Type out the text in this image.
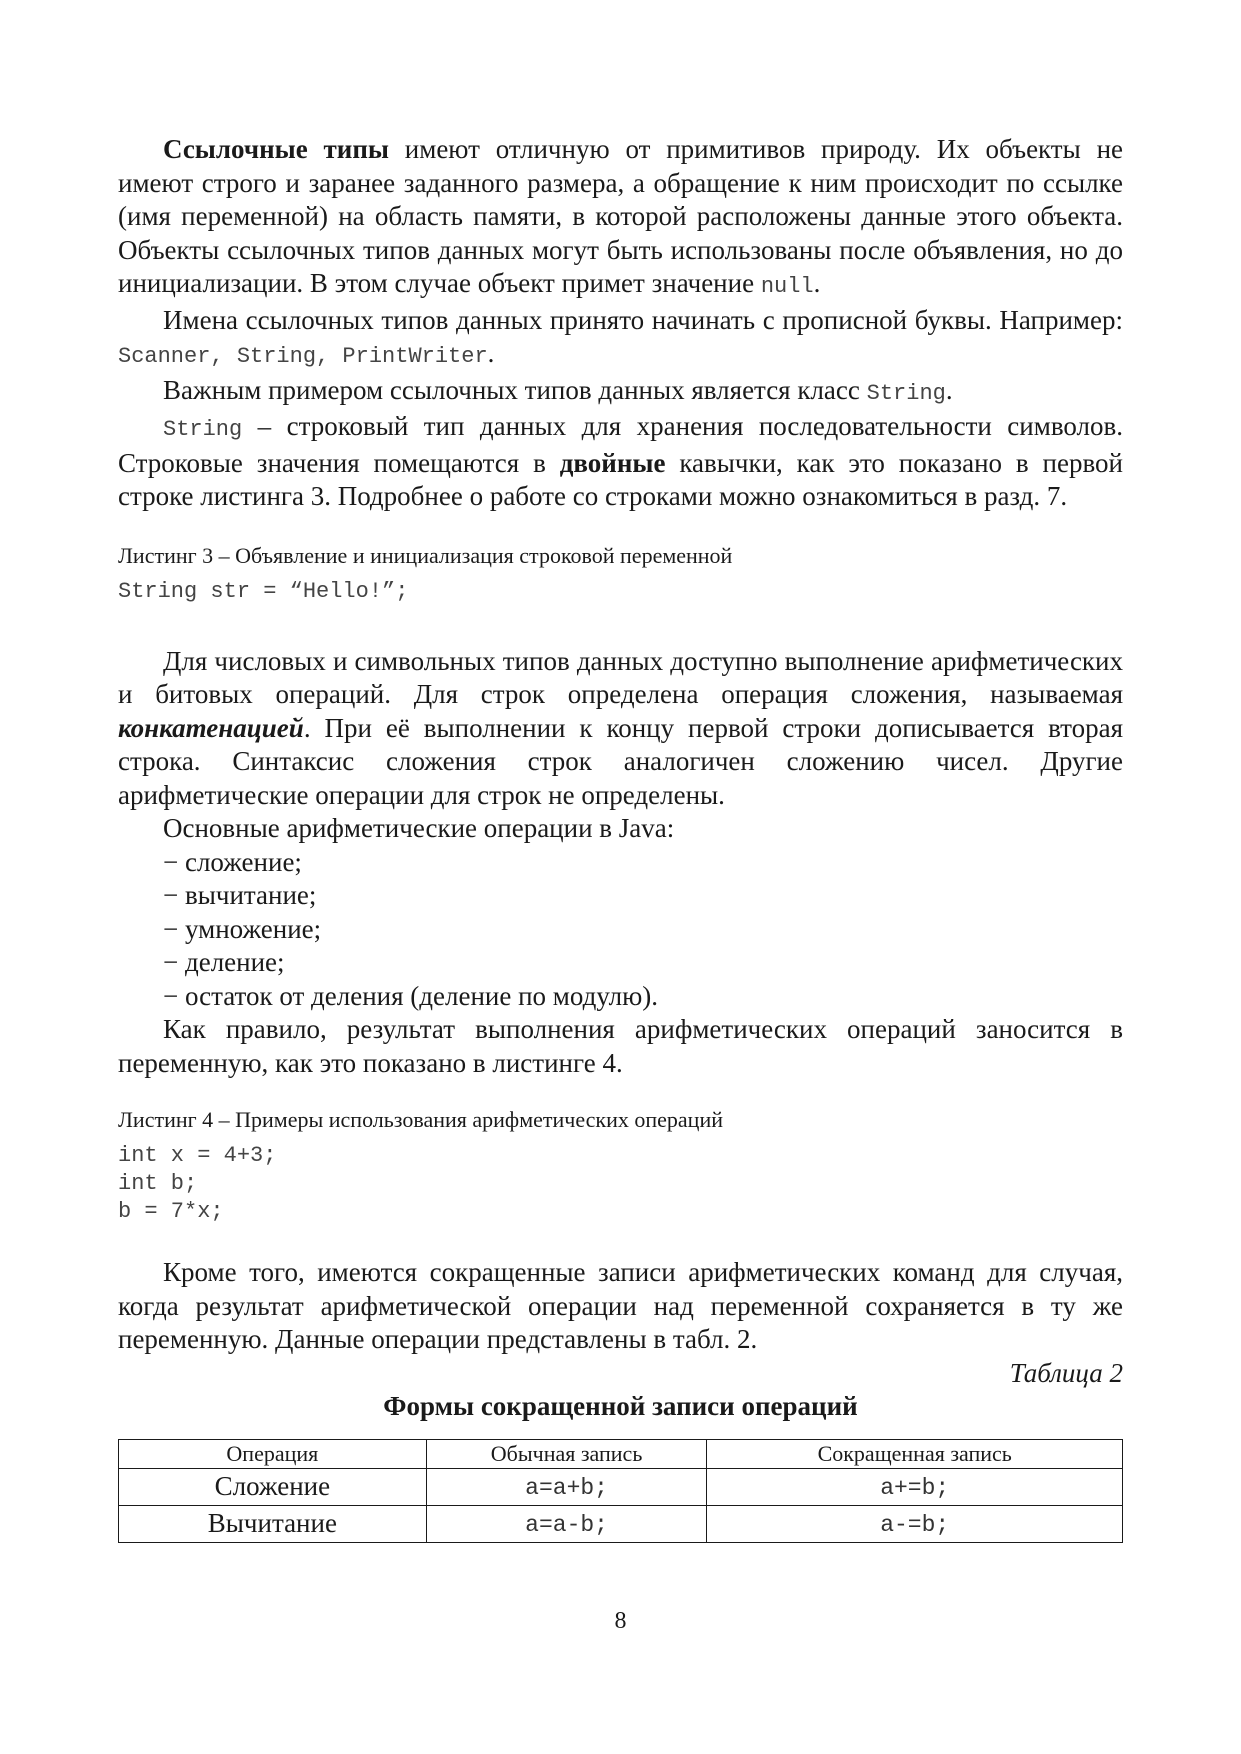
Ссылочные типы имеют отличную от примитивов природу. Их объекты не имеют строго и заранее заданного размера, а обращение к ним происходит по ссылке (имя переменной) на область памяти, в которой расположены данные этого объекта. Объекты ссылочных типов данных могут быть использованы после объявления, но до инициализации. В этом случае объект примет значение null.

Имена ссылочных типов данных принято начинать с прописной буквы. Например: Scanner, String, PrintWriter.

Важным примером ссылочных типов данных является класс String.

String – строковый тип данных для хранения последовательности символов. Строковые значения помещаются в двойные кавычки, как это показано в первой строке листинга 3. Подробнее о работе со строками можно ознакомиться в разд. 7.

Листинг 3 – Объявление и инициализация строковой переменной

String str = “Hello!”;

Для числовых и символьных типов данных доступно выполнение арифметических и битовых операций. Для строк определена операция сложения, называемая конкатенацией. При её выполнении к концу первой строки дописывается вторая строка. Синтаксис сложения строк аналогичен сложению чисел. Другие арифметические операции для строк не определены.

Основные арифметические операции в Java:

− сложение;

− вычитание;

− умножение;

− деление;

− остаток от деления (деление по модулю).

Как правило, результат выполнения арифметических операций заносится в переменную, как это показано в листинге 4.

Листинг 4 – Примеры использования арифметических операций

int x = 4+3;
int b;
b = 7*x;

Кроме того, имеются сокращенные записи арифметических команд для случая, когда результат арифметической операции над переменной сохраняется в ту же переменную. Данные операции представлены в табл. 2.

Таблица 2

Формы сокращенной записи операций

Операция	Обычная запись	Сокращенная запись
Сложение	a=a+b;	a+=b;
Вычитание	a=a-b;	a-=b;
8
